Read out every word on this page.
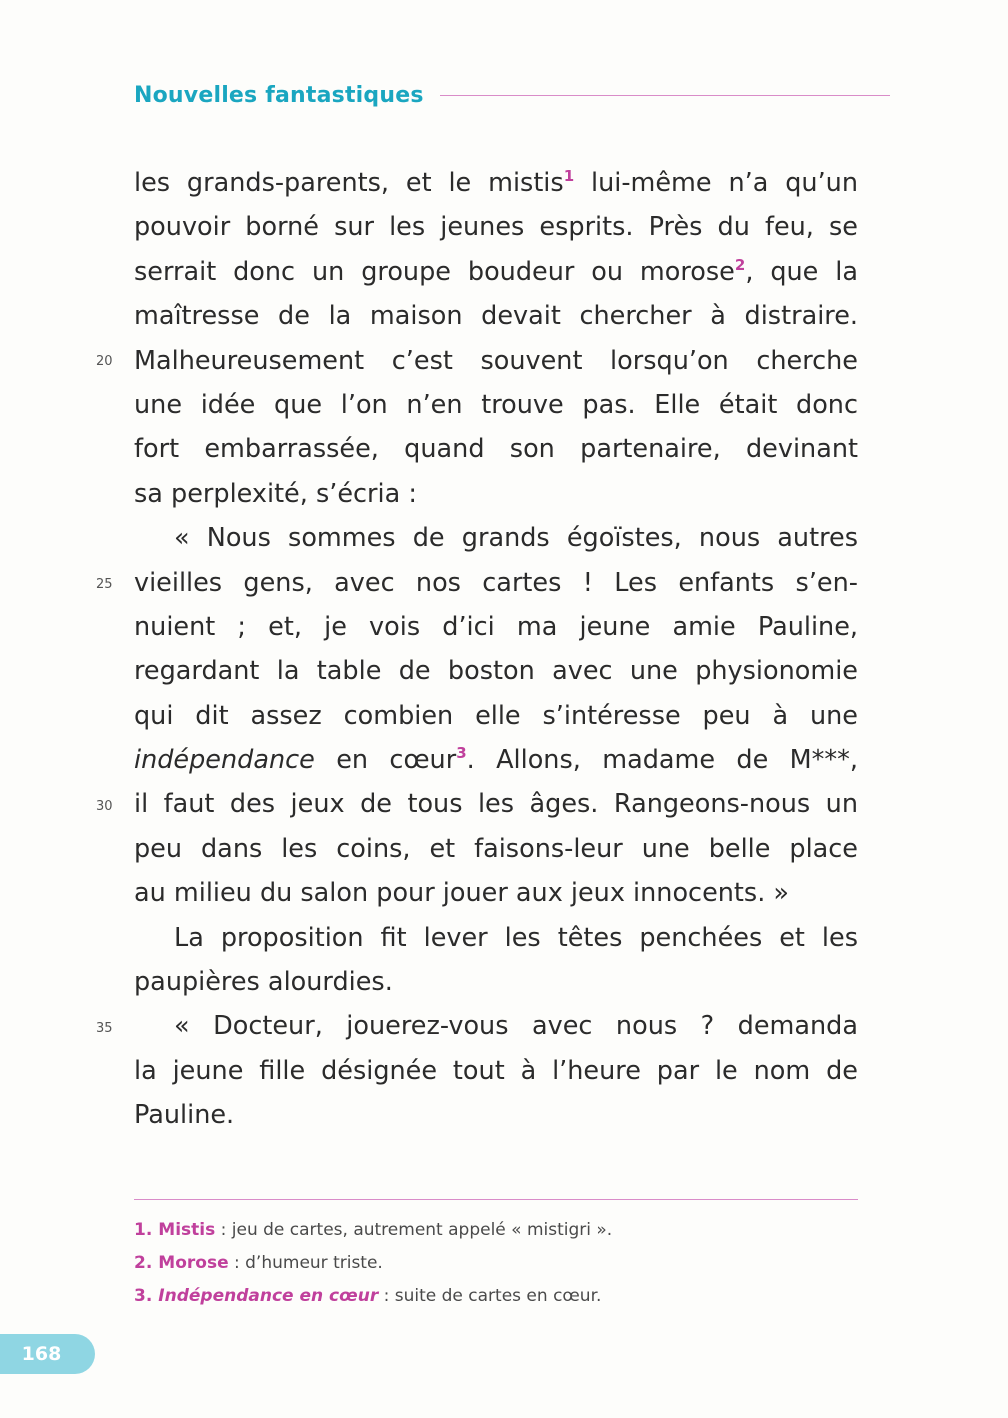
Nouvelles fantastiques
20
25
30
35
les grands-parents, et le mistis$^1$ lui-même n’a qu’un
pouvoir borné sur les jeunes esprits. Près du feu, se
serrait donc un groupe boudeur ou morose$^2$, que la
maîtresse de la maison devait chercher à distraire.
Malheureusement c’est souvent lorsqu’on cherche
une idée que l’on n’en trouve pas. Elle était donc
fort embarrassée, quand son partenaire, devinant
sa perplexité, s’écria :
« Nous sommes de grands égoïstes, nous autres
vieilles gens, avec nos cartes ! Les enfants s’en-
nuient ; et, je vois d’ici ma jeune amie Pauline,
regardant la table de boston avec une physionomie
qui dit assez combien elle s’intéresse peu à une
indépendance en cœur$^3$. Allons, madame de M***,
il faut des jeux de tous les âges. Rangeons-nous un
peu dans les coins, et faisons-leur une belle place
au milieu du salon pour jouer aux jeux innocents. »
La proposition fit lever les têtes penchées et les
paupières alourdies.
« Docteur, jouerez-vous avec nous ? demanda
la jeune fille désignée tout à l’heure par le nom de
Pauline.
1. Mistis : jeu de cartes, autrement appelé « mistigri ».
2. Morose : d’humeur triste.
3. Indépendance en cœur : suite de cartes en cœur.
168
